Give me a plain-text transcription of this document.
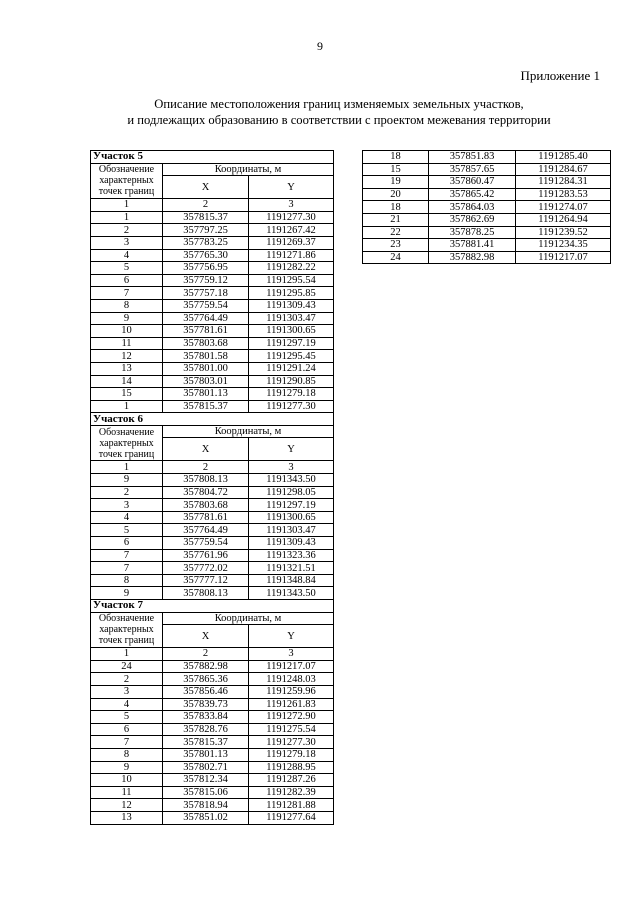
9
Приложение 1
Описание местоположения границ изменяемых земельных участков,
и подлежащих образованию в соответствии с проектом межевания территории
Участок 5		

Обозначение
характерных
точек границ	Координаты, м	
	X	Y
1	2	3
1	357815.37	1191277.30
2	357797.25	1191267.42
3	357783.25	1191269.37
4	357765.30	1191271.86
5	357756.95	1191282.22
6	357759.12	1191295.54
7	357757.18	1191295.85
8	357759.54	1191309.43
9	357764.49	1191303.47
10	357781.61	1191300.65
11	357803.68	1191297.19
12	357801.58	1191295.45
13	357801.00	1191291.24
14	357803.01	1191290.85
15	357801.13	1191279.18
1	357815.37	1191277.30
Участок 6		

Обозначение
характерных
точек границ	Координаты, м	
	X	Y
1	2	3
9	357808.13	1191343.50
2	357804.72	1191298.05
3	357803.68	1191297.19
4	357781.61	1191300.65
5	357764.49	1191303.47
6	357759.54	1191309.43
7	357761.96	1191323.36
7	357772.02	1191321.51
8	357777.12	1191348.84
9	357808.13	1191343.50
Участок 7		

Обозначение
характерных
точек границ	Координаты, м	
	X	Y
1	2	3
24	357882.98	1191217.07
2	357865.36	1191248.03
3	357856.46	1191259.96
4	357839.73	1191261.83
5	357833.84	1191272.90
6	357828.76	1191275.54
7	357815.37	1191277.30
8	357801.13	1191279.18
9	357802.71	1191288.95
10	357812.34	1191287.26
11	357815.06	1191282.39
12	357818.94	1191281.88
13	357851.02	1191277.64
18	357851.83	1191285.40
15	357857.65	1191284.67
19	357860.47	1191284.31
20	357865.42	1191283.53
18	357864.03	1191274.07
21	357862.69	1191264.94
22	357878.25	1191239.52
23	357881.41	1191234.35
24	357882.98	1191217.07
